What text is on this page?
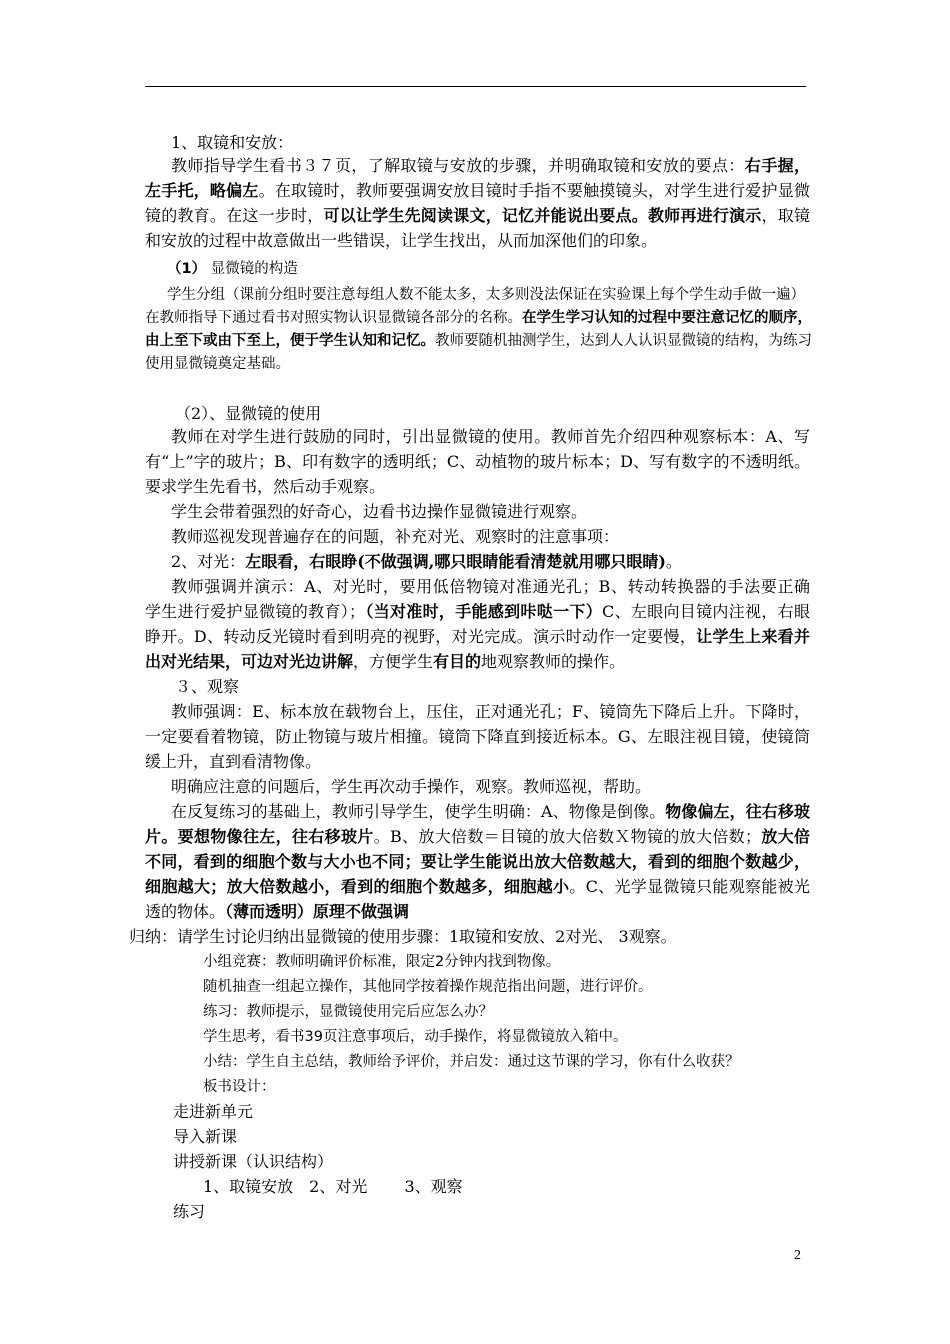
1、取镜和安放：
教师指导学生看书３７页，了解取镜与安放的步骤，并明确取镜和安放的要点：右手握，
左手托，略偏左。在取镜时，教师要强调安放目镜时手指不要触摸镜头，对学生进行爱护显微
镜的教育。在这一步时，可以让学生先阅读课文，记忆并能说出要点。教师再进行演示，取镜
和安放的过程中故意做出一些错误，让学生找出，从而加深他们的印象。
（1） 显微镜的构造
学生分组（课前分组时要注意每组人数不能太多，太多则没法保证在实验课上每个学生动手做一遍）
在教师指导下通过看书对照实物认识显微镜各部分的名称。在学生学习认知的过程中要注意记忆的顺序，
由上至下或由下至上，便于学生认知和记忆。教师要随机抽测学生，达到人人认识显微镜的结构，为练习
使用显微镜奠定基础。
（2）、显微镜的使用
教师在对学生进行鼓励的同时，引出显微镜的使用。教师首先介绍四种观察标本：A、写
有“上”字的玻片；B、印有数字的透明纸；C、动植物的玻片标本；D、写有数字的不透明纸。
要求学生先看书，然后动手观察。
学生会带着强烈的好奇心，边看书边操作显微镜进行观察。
教师巡视发现普遍存在的问题，补充对光、观察时的注意事项：
2、对光：左眼看，右眼睁(不做强调,哪只眼睛能看清楚就用哪只眼睛)。
教师强调并演示：A、对光时，要用低倍物镜对准通光孔；B、转动转换器的手法要正确
学生进行爱护显微镜的教育）；（当对准时，手能感到咔哒一下）C、左眼向目镜内注视，右眼
睁开。D、转动反光镜时看到明亮的视野，对光完成。演示时动作一定要慢，让学生上来看并
出对光结果，可边对光边讲解，方便学生有目的地观察教师的操作。
３、观察
教师强调：E、标本放在载物台上，压住，正对通光孔；F、镜筒先下降后上升。下降时，
一定要看着物镜，防止物镜与玻片相撞。镜筒下降直到接近标本。G、左眼注视目镜，使镜筒
缓上升，直到看清物像。
明确应注意的问题后，学生再次动手操作，观察。教师巡视，帮助。
在反复练习的基础上，教师引导学生，使学生明确：A、物像是倒像。物像偏左，往右移玻
片。要想物像往左，往右移玻片。B、放大倍数＝目镜的放大倍数Ｘ物镜的放大倍数；放大倍
不同，看到的细胞个数与大小也不同；要让学生能说出放大倍数越大，看到的细胞个数越少，
细胞越大；放大倍数越小，看到的细胞个数越多，细胞越小。C、光学显微镜只能观察能被光
透的物体。（薄而透明）原理不做强调
归纳：请学生讨论归纳出显微镜的使用步骤：1取镜和安放、2对光、 3观察。
小组竞赛：教师明确评价标准，限定2分钟内找到物像。
随机抽查一组起立操作，其他同学按着操作规范指出问题，进行评价。
练习：教师提示，显微镜使用完后应怎么办？
学生思考，看书39页注意事项后，动手操作，将显微镜放入箱中。
小结：学生自主总结，教师给予评价，并启发：通过这节课的学习，你有什么收获？
板书设计：
走进新单元
导入新课
讲授新课（认识结构）
1、取镜安放　2、对光　　 3、观察
练习
2
